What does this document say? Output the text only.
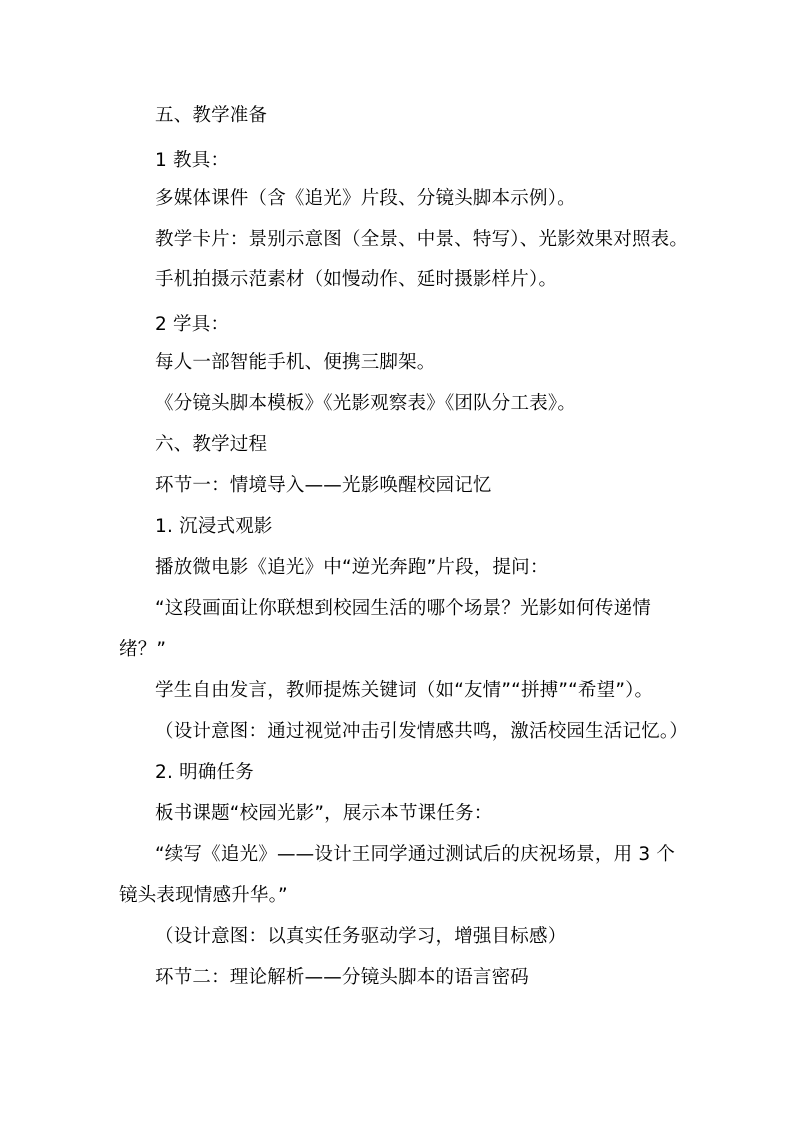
五、教学准备
1 教具：
多媒体课件（含《追光》片段、分镜头脚本示例）。
教学卡片：景别示意图（全景、中景、特写）、光影效果对照表。
手机拍摄示范素材（如慢动作、延时摄影样片）。
2 学具：
每人一部智能手机、便携三脚架。
《分镜头脚本模板》《光影观察表》《团队分工表》。
六、教学过程
环节一：情境导入——光影唤醒校园记忆
1. 沉浸式观影
播放微电影《追光》中“逆光奔跑”片段，提问：
“这段画面让你联想到校园生活的哪个场景？光影如何传递情
绪？”
学生自由发言，教师提炼关键词（如“友情”“拼搏”“希望”）。
（设计意图：通过视觉冲击引发情感共鸣，激活校园生活记忆。）
2. 明确任务
板书课题“校园光影”，展示本节课任务：
“续写《追光》——设计王同学通过测试后的庆祝场景，用 3 个
镜头表现情感升华。”
（设计意图：以真实任务驱动学习，增强目标感）
环节二：理论解析——分镜头脚本的语言密码
